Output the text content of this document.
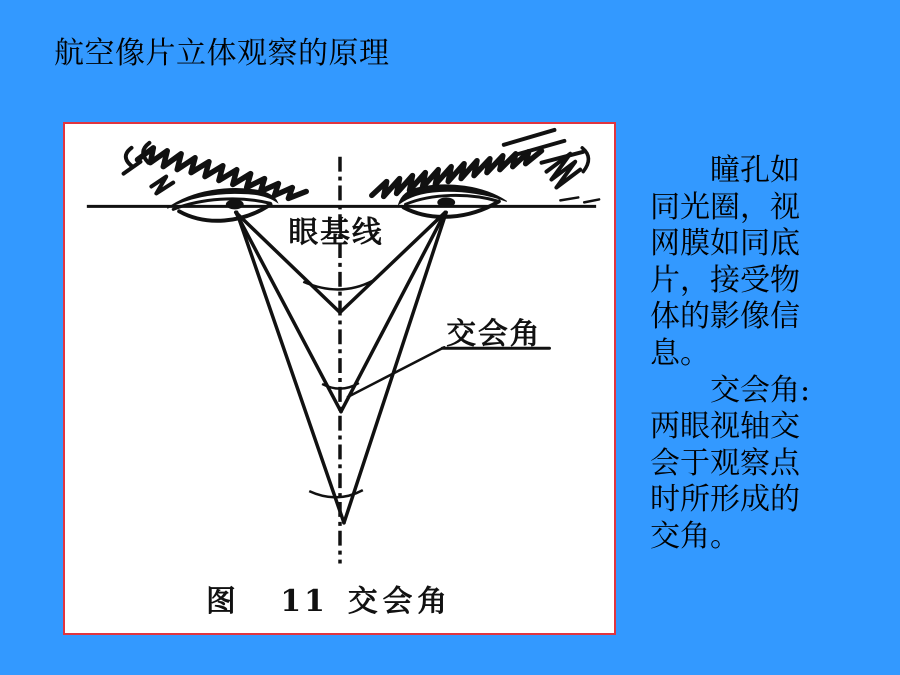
航空像片立体观察的原理
眼基线
交会角
图 11 交会角
瞳孔如
同光圈，视
网膜如同底
片，接受物
体的影像信
息。
交会角:
两眼视轴交
会于观察点
时所形成的
交角。
